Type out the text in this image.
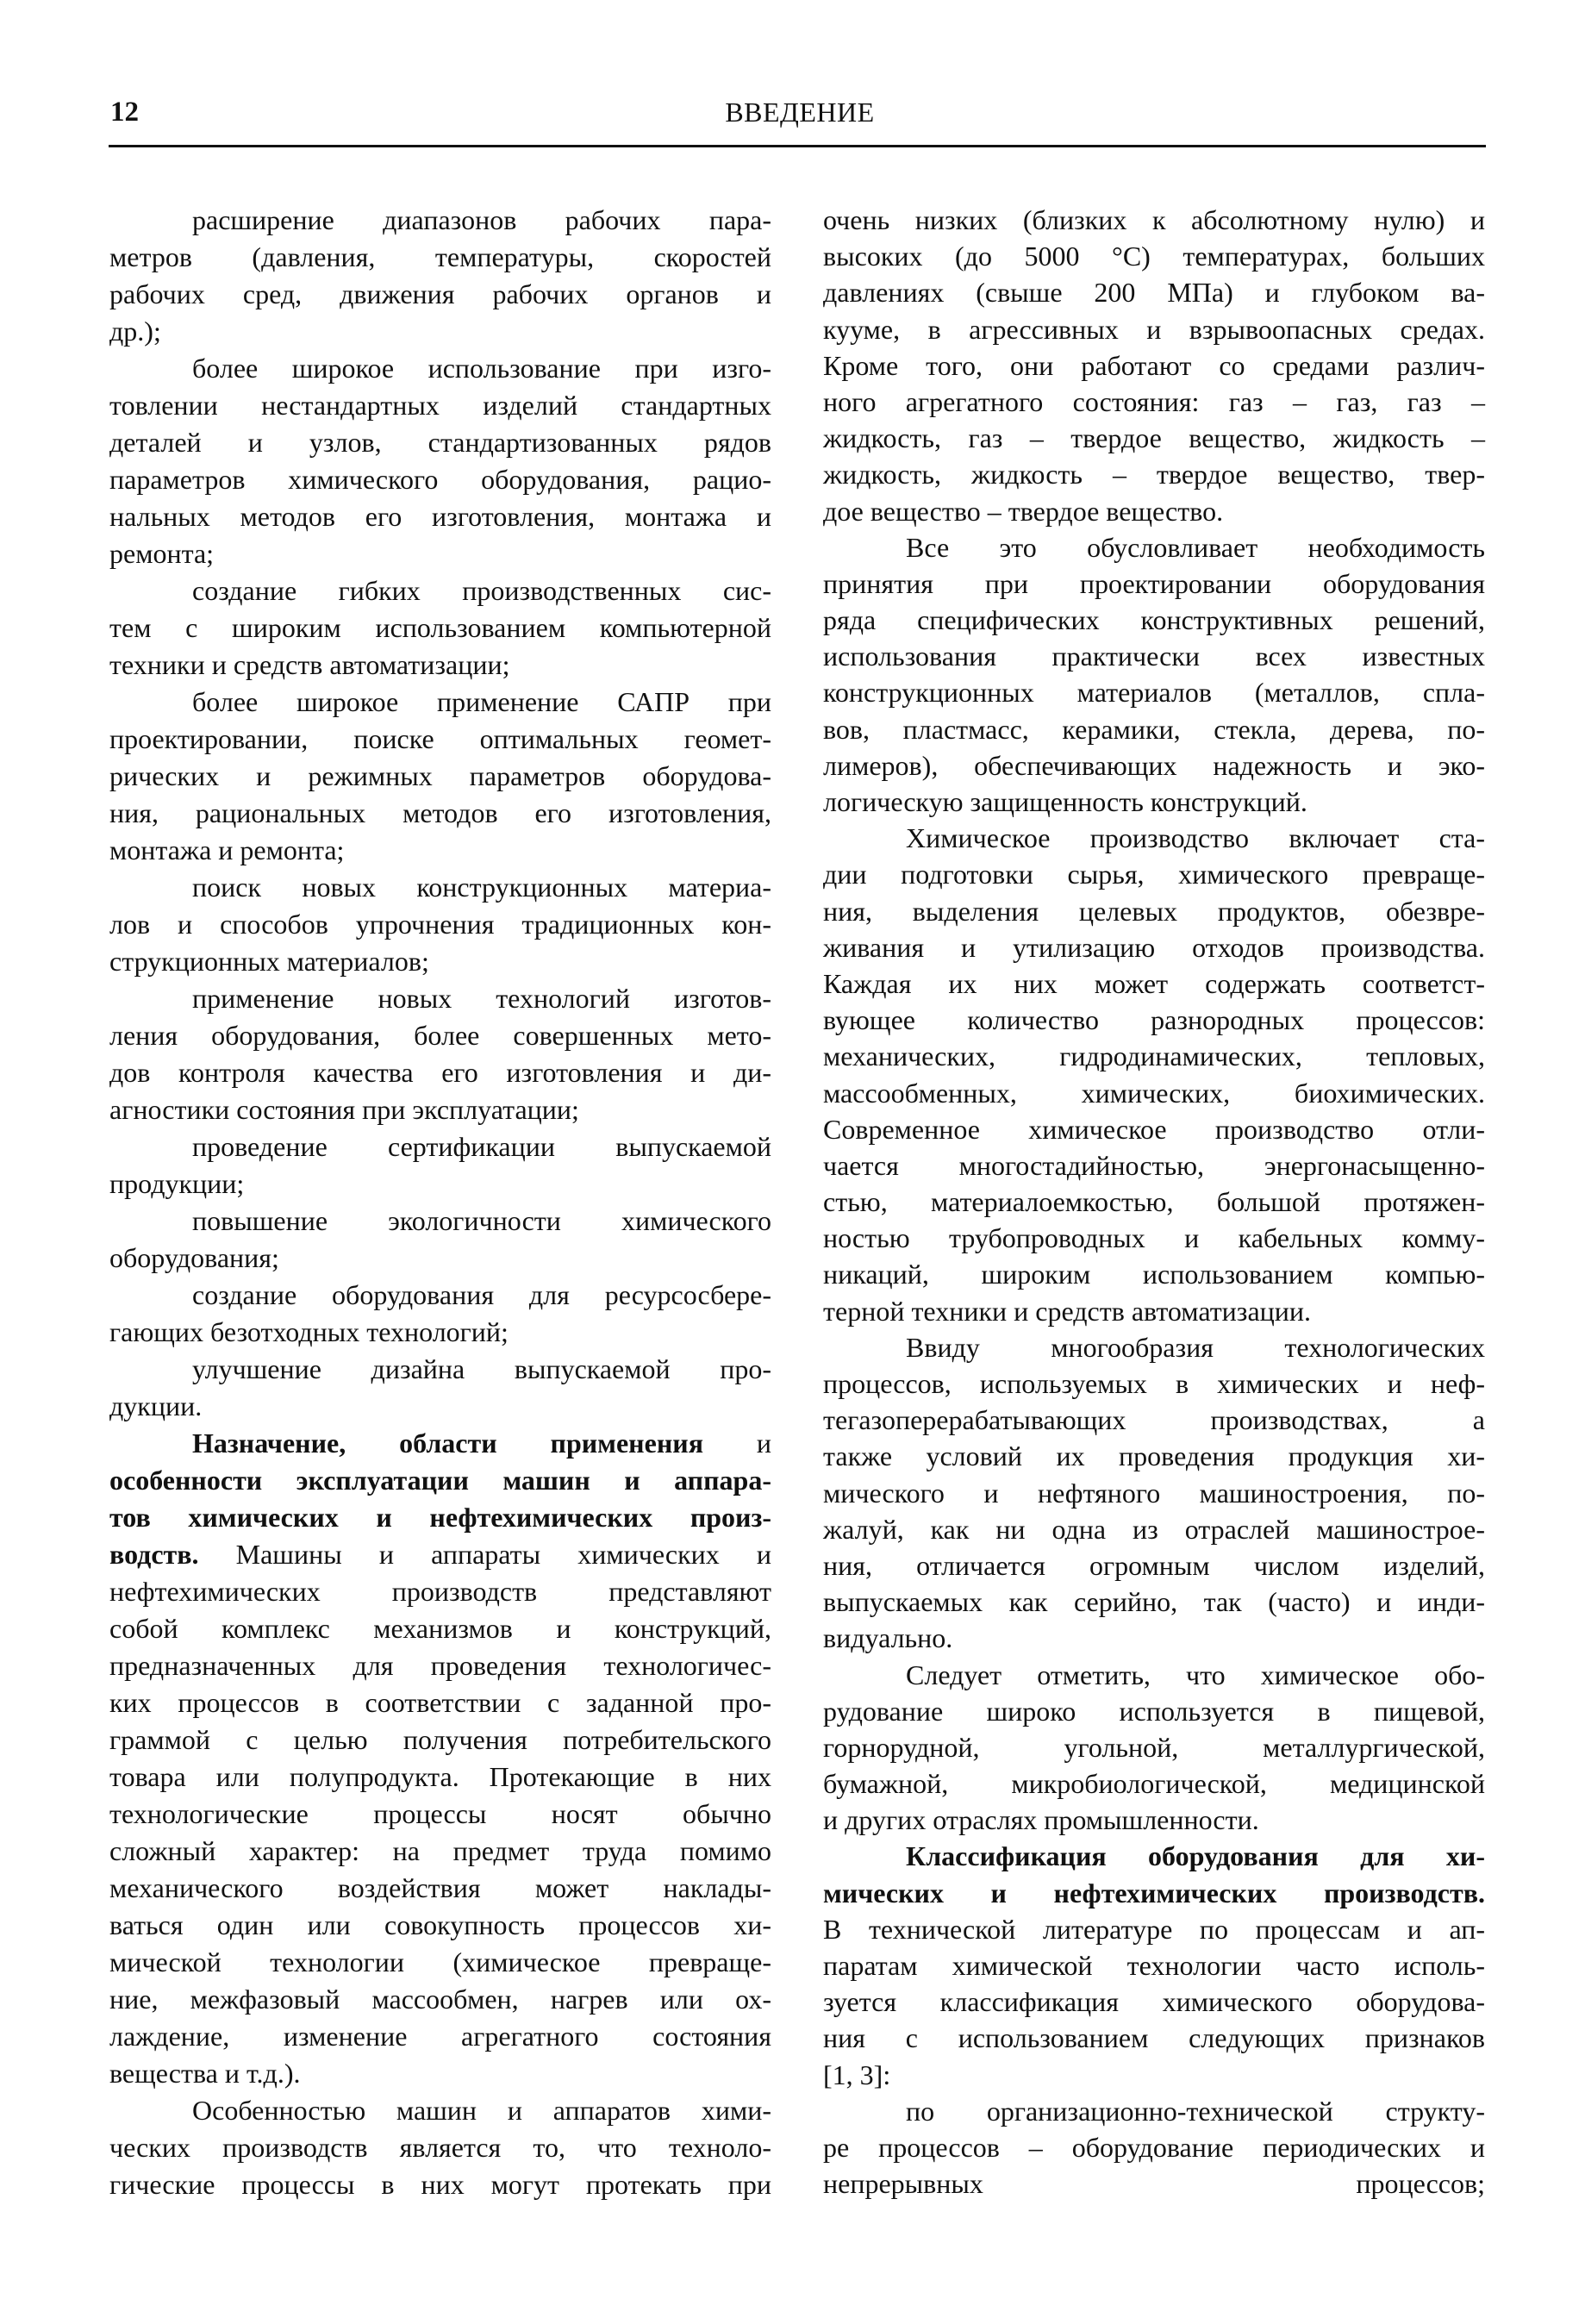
12	ВВЕДЕНИЕ
расширение диапазонов рабочих пара-
метров (давления, температуры, скоростей
рабочих сред, движения рабочих органов и
др.);
более широкое использование при изго-
товлении нестандартных изделий стандартных
деталей и узлов, стандартизованных рядов
параметров химического оборудования, рацио-
нальных методов его изготовления, монтажа и
ремонта;
создание гибких производственных сис-
тем с широким использованием компьютерной
техники и средств автоматизации;
более широкое применение САПР при
проектировании, поиске оптимальных геомет-
рических и режимных параметров оборудова-
ния, рациональных методов его изготовления,
монтажа и ремонта;
поиск новых конструкционных материа-
лов и способов упрочнения традиционных кон-
струкционных материалов;
применение новых технологий изготов-
ления оборудования, более совершенных мето-
дов контроля качества его изготовления и ди-
агностики состояния при эксплуатации;
проведение сертификации выпускаемой
продукции;
повышение экологичности химического
оборудования;
создание оборудования для ресурсосбере-
гающих безотходных технологий;
улучшение дизайна выпускаемой про-
дукции.
Назначение, области применения и
особенности эксплуатации машин и аппара-
тов химических и нефтехимических произ-
водств. Машины и аппараты химических и
нефтехимических производств представляют
собой комплекс механизмов и конструкций,
предназначенных для проведения технологичес-
ких процессов в соответствии с заданной про-
граммой с целью получения потребительского
товара или полупродукта. Протекающие в них
технологические процессы носят обычно
сложный характер: на предмет труда помимо
механического воздействия может наклады-
ваться один или совокупность процессов хи-
мической технологии (химическое превраще-
ние, межфазовый массообмен, нагрев или ох-
лаждение, изменение агрегатного состояния
вещества и т.д.).
Особенностью машин и аппаратов хими-
ческих производств является то, что техноло-
гические процессы в них могут протекать при
очень низких (близких к абсолютному нулю) и
высоких (до 5000 °С) температурах, больших
давлениях (свыше 200 МПа) и глубоком ва-
кууме, в агрессивных и взрывоопасных средах.
Кроме того, они работают со средами различ-
ного агрегатного состояния: газ – газ, газ –
жидкость, газ – твердое вещество, жидкость –
жидкость, жидкость – твердое вещество, твер-
дое вещество – твердое вещество.
Все это обусловливает необходимость
принятия при проектировании оборудования
ряда специфических конструктивных решений,
использования практически всех известных
конструкционных материалов (металлов, спла-
вов, пластмасс, керамики, стекла, дерева, по-
лимеров), обеспечивающих надежность и эко-
логическую защищенность конструкций.
Химическое производство включает ста-
дии подготовки сырья, химического превраще-
ния, выделения целевых продуктов, обезвре-
живания и утилизацию отходов производства.
Каждая их них может содержать соответст-
вующее количество разнородных процессов:
механических, гидродинамических, тепловых,
массообменных, химических, биохимических.
Современное химическое производство отли-
чается многостадийностью, энергонасыщенно-
стью, материалоемкостью, большой протяжен-
ностью трубопроводных и кабельных комму-
никаций, широким использованием компью-
терной техники и средств автоматизации.
Ввиду многообразия технологических
процессов, используемых в химических и неф-
тегазоперерабатывающих производствах, а
также условий их проведения продукция хи-
мического и нефтяного машиностроения, по-
жалуй, как ни одна из отраслей машинострое-
ния, отличается огромным числом изделий,
выпускаемых как серийно, так (часто) и инди-
видуально.
Следует отметить, что химическое обо-
рудование широко используется в пищевой,
горнорудной, угольной, металлургической,
бумажной, микробиологической, медицинской
и других отраслях промышленности.
Классификация оборудования для хи-
мических и нефтехимических производств.
В технической литературе по процессам и ап-
паратам химической технологии часто исполь-
зуется классификация химического оборудова-
ния с использованием следующих признаков
[1, 3]:
по организационно-технической структу-
ре процессов – оборудование периодических и
непрерывных процессов;
